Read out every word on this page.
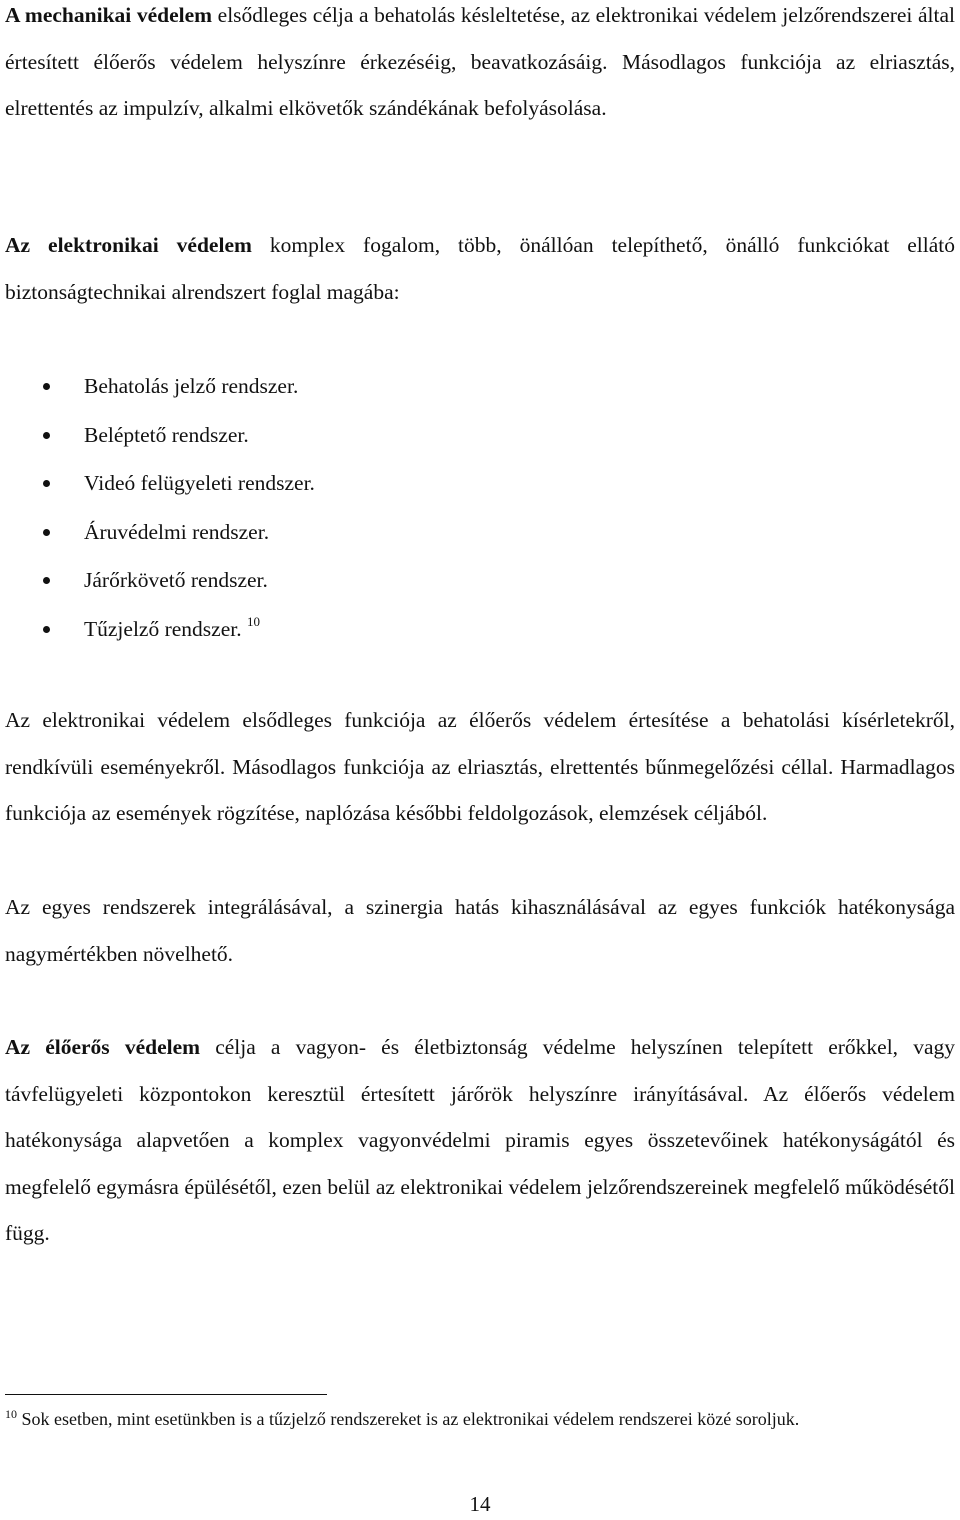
A mechanikai védelem elsődleges célja a behatolás késleltetése, az elektronikai védelem jelzőrendszerei által értesített élőerős védelem helyszínre érkezéséig, beavatkozásáig. Másodlagos funkciója az elriasztás, elrettentés az impulzív, alkalmi elkövetők szándékának befolyásolása.

Az elektronikai védelem komplex fogalom, több, önállóan telepíthető, önálló funkciókat ellátó biztonságtechnikai alrendszert foglal magába:

Behatolás jelző rendszer.
Beléptető rendszer.
Videó felügyeleti rendszer.
Áruvédelmi rendszer.
Járőrkövető rendszer.
Tűzjelző rendszer. $^{10}$

Az elektronikai védelem elsődleges funkciója az élőerős védelem értesítése a behatolási kísérletekről, rendkívüli eseményekről. Másodlagos funkciója az elriasztás, elrettentés bűnmegelőzési céllal. Harmadlagos funkciója az események rögzítése, naplózása későbbi feldolgozások, elemzések céljából.

Az egyes rendszerek integrálásával, a szinergia hatás kihasználásával az egyes funkciók hatékonysága nagymértékben növelhető.

Az élőerős védelem célja a vagyon- és életbiztonság védelme helyszínen telepített erőkkel, vagy távfelügyeleti központokon keresztül értesített járőrök helyszínre irányításával. Az élőerős védelem hatékonysága alapvetően a komplex vagyonvédelmi piramis egyes összetevőinek hatékonyságától és megfelelő egymásra épülésétől, ezen belül az elektronikai védelem jelzőrendszereinek megfelelő működésétől függ.

$^{10}$ Sok esetben, mint esetünkben is a tűzjelző rendszereket is az elektronikai védelem rendszerei közé soroljuk.

14
